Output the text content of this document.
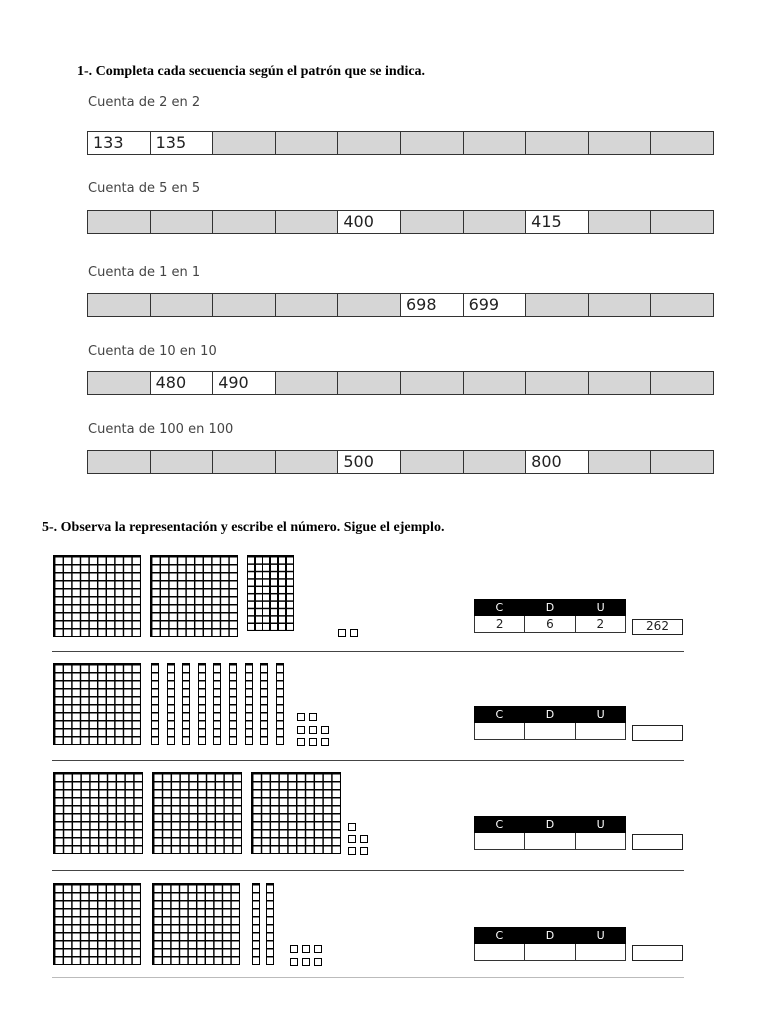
1-. Completa cada secuencia según el patrón que se indica.
Cuenta de 2 en 2
133	135
Cuenta de 5 en 5
400	415
Cuenta de 1 en 1
698	699
Cuenta de 10 en 10
480	490
Cuenta de 100 en 100
500	800
5-. Observa la representación y escribe el número. Sigue el ejemplo.
C	D	U
2	6	2	262
C	D	U
C	D	U
C	D	U
